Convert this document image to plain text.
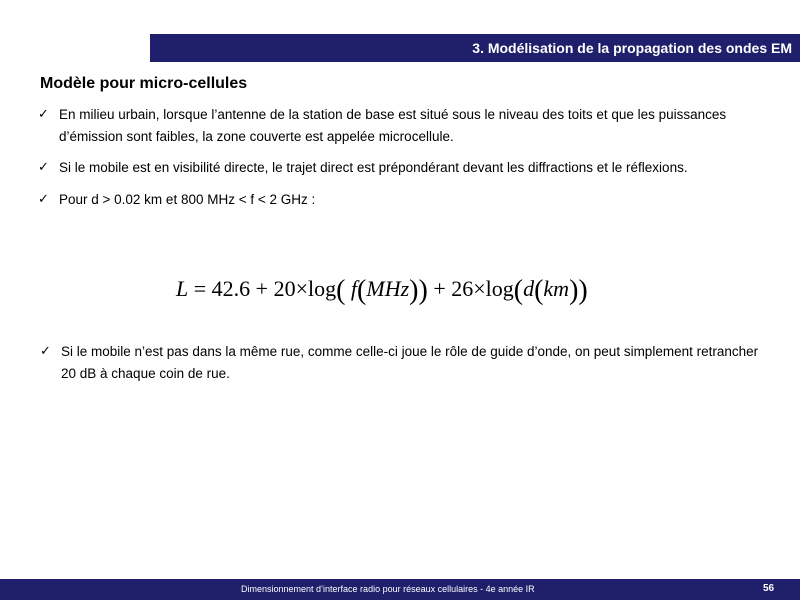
3. Modélisation de la propagation des ondes EM
Modèle pour micro-cellules
✓ En milieu urbain, lorsque l’antenne de la station de base est situé sous le niveau des toits et que les puissances d’émission sont faibles, la zone couverte est appelée microcellule.
✓ Si le mobile est en visibilité directe, le trajet direct est prépondérant devant les diffractions et le réflexions.
✓ Pour d > 0.02 km et 800 MHz < f < 2 GHz :
L = 42.6 + 20×log( f(MHz)) + 26×log(d(km))
✓ Si le mobile n’est pas dans la même rue, comme celle-ci joue le rôle de guide d’onde, on peut simplement retrancher 20 dB à chaque coin de rue.
Dimensionnement d’interface radio pour réseaux cellulaires - 4e année IR	56
